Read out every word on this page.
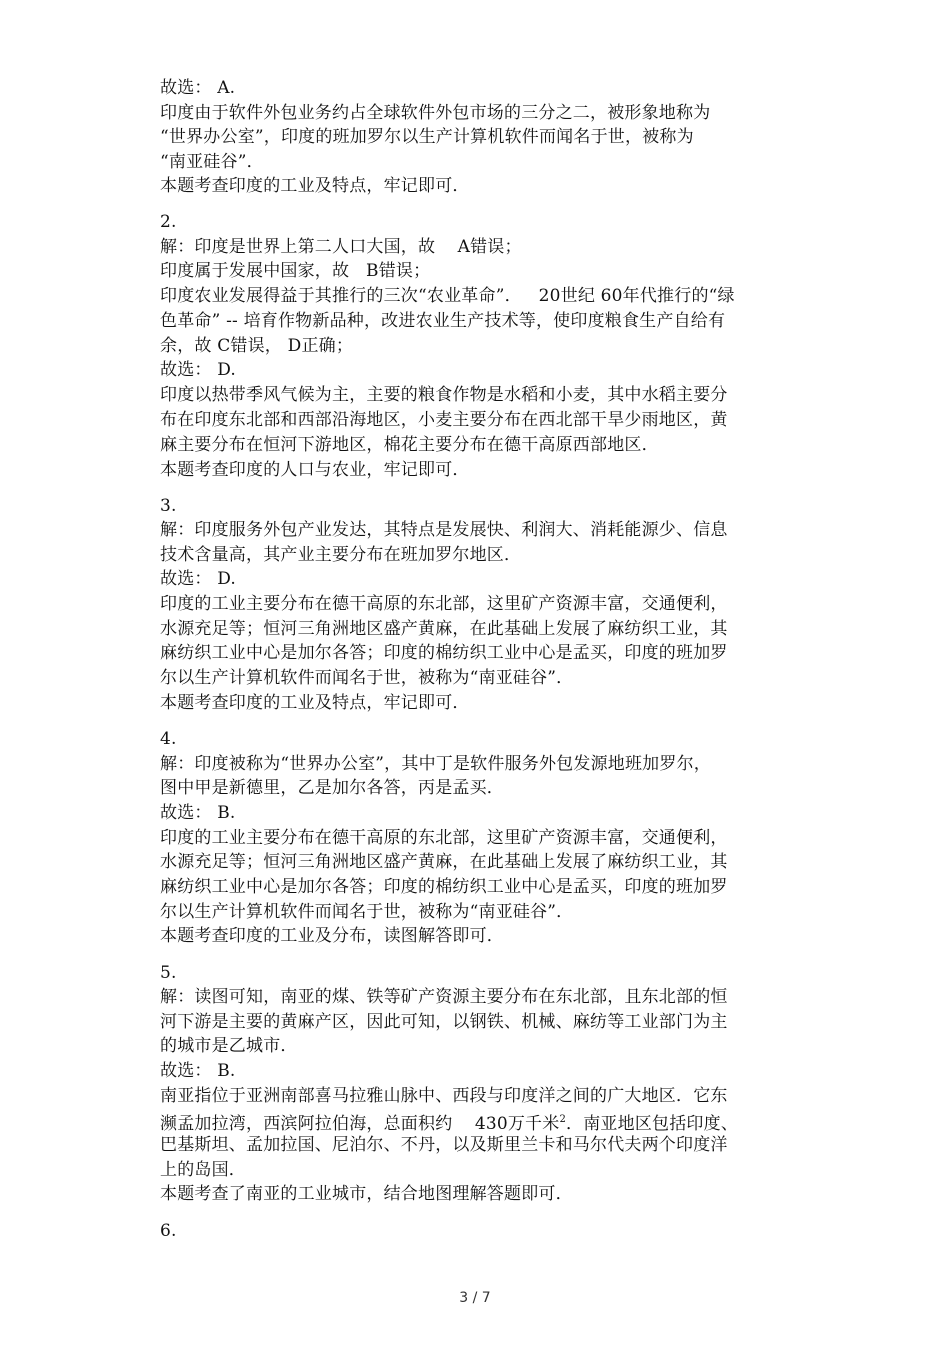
故选： A.
印度由于软件外包业务约占全球软件外包市场的三分之二，被形象地称为
“世界办公室”，印度的班加罗尔以生产计算机软件而闻名于世，被称为
“南亚硅谷”．
本题考查印度的工业及特点，牢记即可．
2.
解：印度是世界上第二人口大国，故    A错误；
印度属于发展中国家，故   B错误；
印度农业发展得益于其推行的三次“农业革命”．   20世纪 60年代推行的“绿
色革命” -- 培育作物新品种，改进农业生产技术等，使印度粮食生产自给有
余，故 C错误， D正确；
故选： D.
印度以热带季风气候为主，主要的粮食作物是水稻和小麦，其中水稻主要分
布在印度东北部和西部沿海地区，小麦主要分布在西北部干旱少雨地区，黄
麻主要分布在恒河下游地区，棉花主要分布在德干高原西部地区．
本题考查印度的人口与农业，牢记即可．
3.
解：印度服务外包产业发达，其特点是发展快、利润大、消耗能源少、信息
技术含量高，其产业主要分布在班加罗尔地区．
故选： D.
印度的工业主要分布在德干高原的东北部，这里矿产资源丰富，交通便利，
水源充足等；恒河三角洲地区盛产黄麻，在此基础上发展了麻纺织工业，其
麻纺织工业中心是加尔各答；印度的棉纺织工业中心是孟买，印度的班加罗
尔以生产计算机软件而闻名于世，被称为“南亚硅谷”．
本题考查印度的工业及特点，牢记即可．
4.
解：印度被称为“世界办公室”，其中丁是软件服务外包发源地班加罗尔，
图中甲是新德里，乙是加尔各答，丙是孟买．
故选： B.
印度的工业主要分布在德干高原的东北部，这里矿产资源丰富，交通便利，
水源充足等；恒河三角洲地区盛产黄麻，在此基础上发展了麻纺织工业，其
麻纺织工业中心是加尔各答；印度的棉纺织工业中心是孟买，印度的班加罗
尔以生产计算机软件而闻名于世，被称为“南亚硅谷”．
本题考查印度的工业及分布，读图解答即可．
5.
解：读图可知，南亚的煤、铁等矿产资源主要分布在东北部，且东北部的恒
河下游是主要的黄麻产区，因此可知，以钢铁、机械、麻纺等工业部门为主
的城市是乙城市．
故选： B.
南亚指位于亚洲南部喜马拉雅山脉中、西段与印度洋之间的广大地区．它东
濒孟加拉湾，西滨阿拉伯海，总面积约    430万千米$^2$．南亚地区包括印度、
巴基斯坦、孟加拉国、尼泊尔、不丹，以及斯里兰卡和马尔代夫两个印度洋
上的岛国．
本题考查了南亚的工业城市，结合地图理解答题即可．
6.
3 / 7
